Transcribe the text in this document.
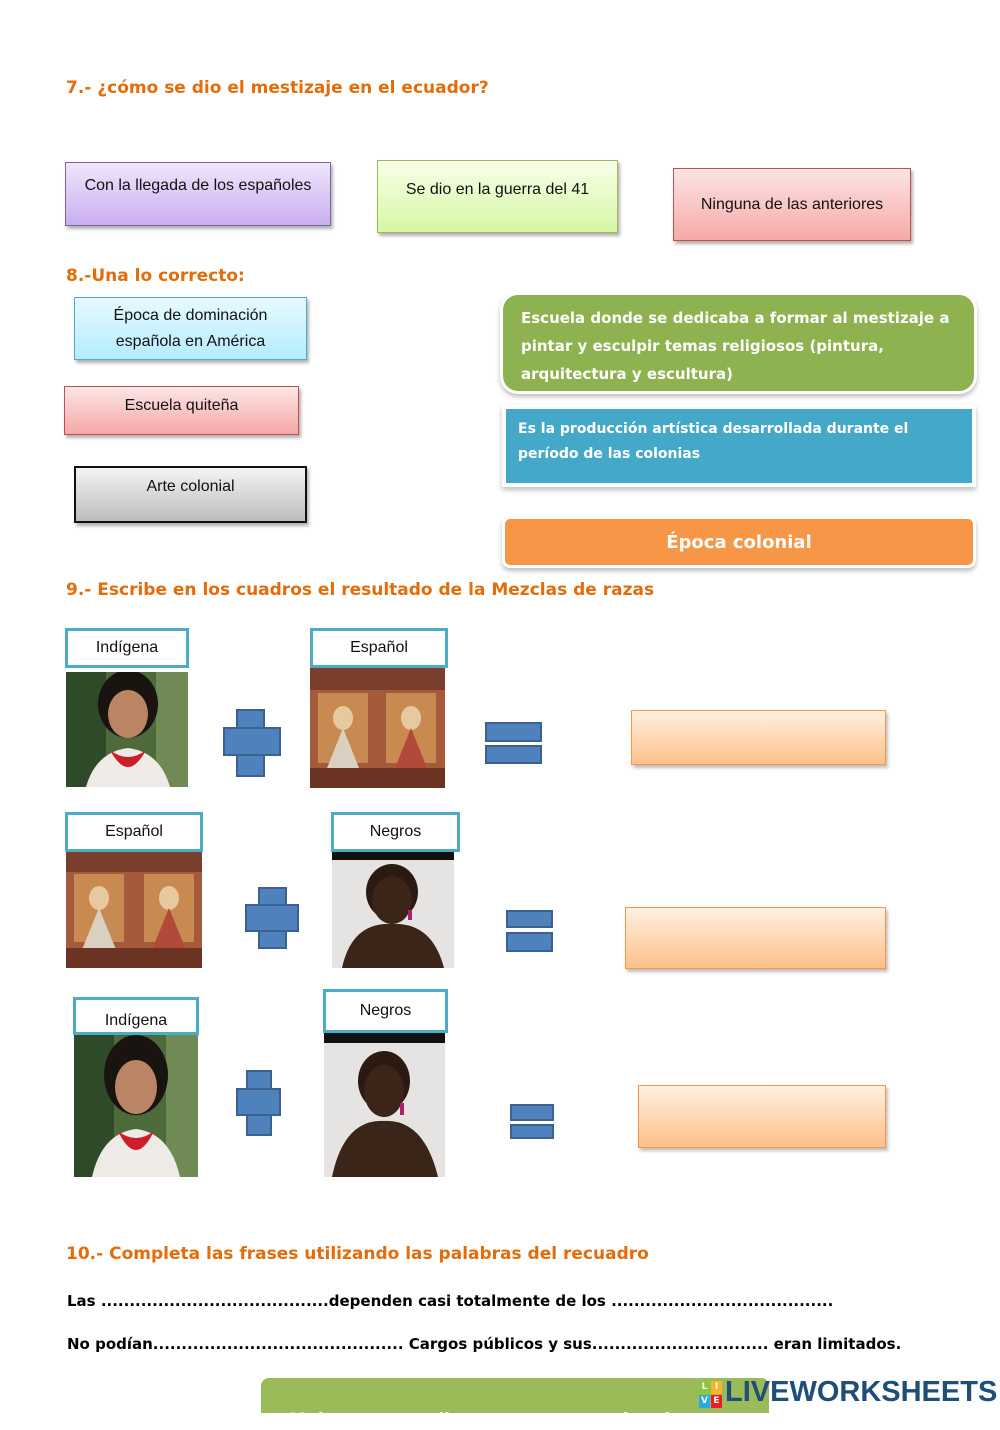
7.- ¿cómo se dio el mestizaje en el ecuador?
Con la llegada de los españoles	Se dio en la guerra del 41
Ninguna de las anteriores
8.-Una lo correcto:
Época de dominación española en América
Escuela quiteña
Arte colonial
Escuela donde se dedicaba a formar al mestizaje a pintar y esculpir temas religiosos (pintura, arquitectura y escultura)
Es la producción artística desarrollada durante el período de las colonias
Época colonial
9.- Escribe en los cuadros el resultado de la Mezclas de razas
Indígena	Español
Español	Negros
Indígena
Negros
10.- Completa las frases utilizando las palabras del recuadro
Las ........................................dependen casi totalmente de los .......................................
No podían............................................ Cargos públicos y sus............................... eran limitados.

Mujeres  - estudios   -   ocupar  -    hombres

L I
V E LIVEWORKSHEETS
